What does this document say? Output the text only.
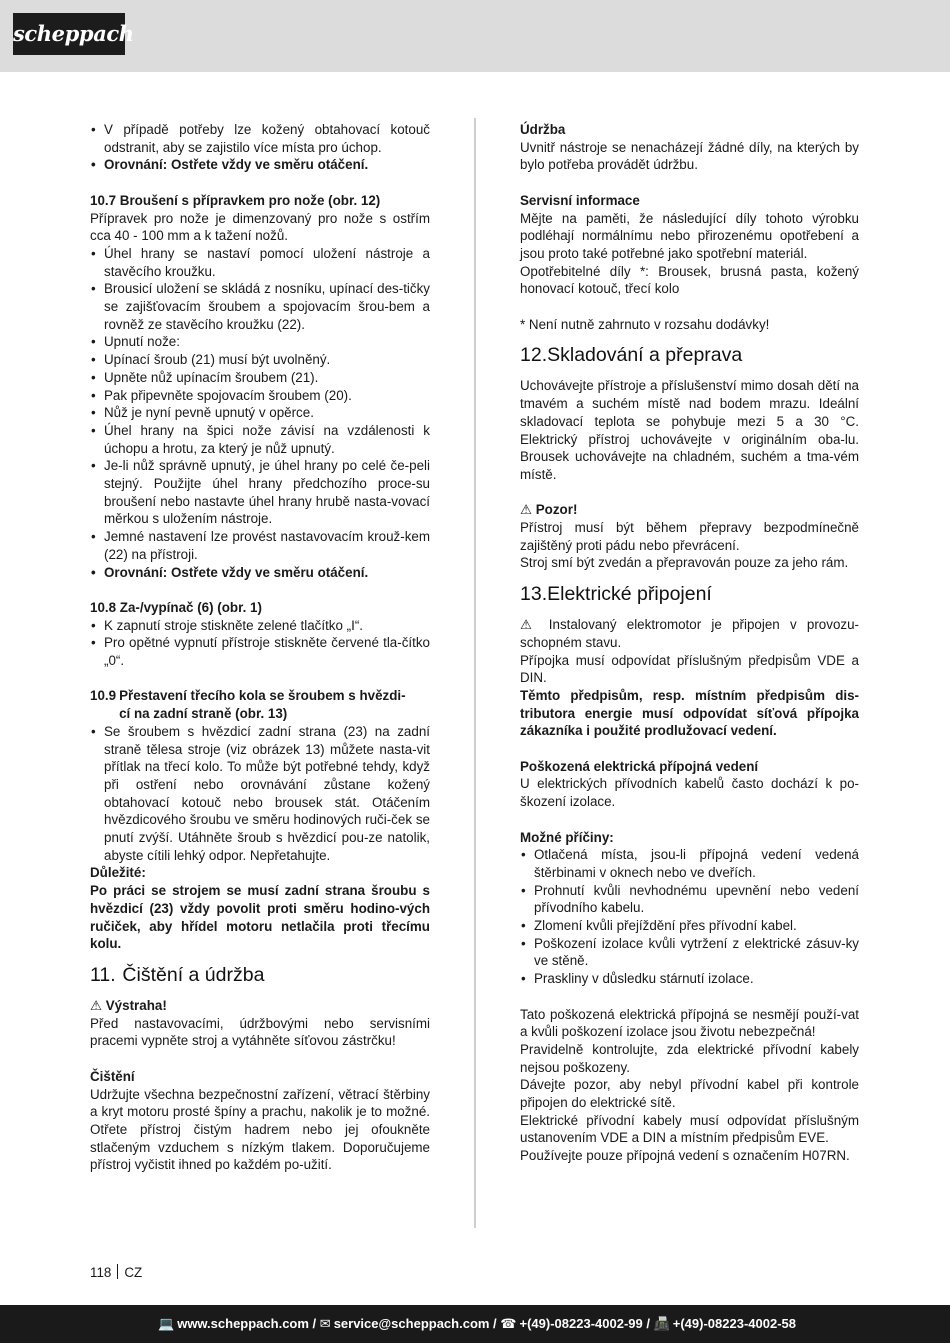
scheppach
• V případě potřeby lze kožený obtahovací kotouč odstranit, aby se zajistilo více místa pro úchop.
• Orovnání: Ostřete vždy ve směru otáčení.

10.7 Broušení s přípravkem pro nože (obr. 12)

Přípravek pro nože je dimenzovaný pro nože s ostřím cca 40 - 100 mm a k tažení nožů.

• Úhel hrany se nastaví pomocí uložení nástroje a stavěcího kroužku.
• Brousicí uložení se skládá z nosníku, upínací des-tičky se zajišťovacím šroubem a spojovacím šrou-bem a rovněž ze stavěcího kroužku (22).
• Upnutí nože:
• Upínací šroub (21) musí být uvolněný.
• Upněte nůž upínacím šroubem (21).
• Pak připevněte spojovacím šroubem (20).
• Nůž je nyní pevně upnutý v opěrce.
• Úhel hrany na špici nože závisí na vzdálenosti k úchopu a hrotu, za který je nůž upnutý.
• Je-li nůž správně upnutý, je úhel hrany po celé če-peli stejný. Použijte úhel hrany předchozího proce-su broušení nebo nastavte úhel hrany hrubě nasta-vovací měrkou s uložením nástroje.
• Jemné nastavení lze provést nastavovacím krouž-kem (22) na přístroji.
• Orovnání: Ostřete vždy ve směru otáčení.

10.8 Za-/vypínač (6) (obr. 1)

• K zapnutí stroje stiskněte zelené tlačítko „I“.
• Pro opětné vypnutí přístroje stiskněte červené tla-čítko „0“.
10.9 Přestavení třecího kola se šroubem s hvězdi-
cí na zadní straně (obr. 13)
• Se šroubem s hvězdicí zadní strana (23) na zadní straně tělesa stroje (viz obrázek 13) můžete nasta-vit přítlak na třecí kolo. To může být potřebné tehdy, když při ostření nebo orovnávání zůstane kožený obtahovací kotouč nebo brousek stát. Otáčením hvězdicového šroubu ve směru hodinových ruči-ček se pnutí zvýší. Utáhněte šroub s hvězdicí pou-ze natolik, abyste cítili lehký odpor. Nepřetahujte.

Důležité:

Po práci se strojem se musí zadní strana šroubu s hvězdicí (23) vždy povolit proti směru hodino-vých ručiček, aby hřídel motoru netlačila proti třecímu kolu.

11. Čištění a údržba

⚠ Výstraha!

Před nastavovacími, údržbovými nebo servisními pracemi vypněte stroj a vytáhněte síťovou zástrčku!

Čištění

Udržujte všechna bezpečnostní zařízení, větrací štěrbiny a kryt motoru prosté špíny a prachu, nakolik je to možné. Otřete přístroj čistým hadrem nebo jej ofoukněte stlačeným vzduchem s nízkým tlakem. Doporučujeme přístroj vyčistit ihned po každém po-užití.

Údržba

Uvnitř nástroje se nenacházejí žádné díly, na kterých by bylo potřeba provádět údržbu.

Servisní informace

Mějte na paměti, že následující díly tohoto výrobku podléhají normálnímu nebo přirozenému opotřebení a jsou proto také potřebné jako spotřební materiál.

Opotřebitelné díly *: Brousek, brusná pasta, kožený honovací kotouč, třecí kolo

* Není nutně zahrnuto v rozsahu dodávky!

12.Skladování a přeprava

Uchovávejte přístroje a příslušenství mimo dosah dětí na tmavém a suchém místě nad bodem mrazu. Ideální skladovací teplota se pohybuje mezi 5 a 30 °C. Elektrický přístroj uchovávejte v originálním oba-lu. Brousek uchovávejte na chladném, suchém a tma-vém místě.

⚠ Pozor!

Přístroj musí být během přepravy bezpodmínečně zajištěný proti pádu nebo převrácení.

Stroj smí být zvedán a přepravován pouze za jeho rám.

13.Elektrické připojení

⚠ Instalovaný elektromotor je připojen v provozu-schopném stavu.

Přípojka musí odpovídat příslušným předpisům VDE a DIN.

Těmto předpisům, resp. místním předpisům dis-tributora energie musí odpovídat síťová přípojka zákazníka i použité prodlužovací vedení.

Poškozená elektrická přípojná vedení

U elektrických přívodních kabelů často dochází k po-škození izolace.

Možné příčiny:

• Otlačená místa, jsou-li přípojná vedení vedená štěrbinami v oknech nebo ve dveřích.
• Prohnutí kvůli nevhodnému upevnění nebo vedení přívodního kabelu.
• Zlomení kvůli přejíždění přes přívodní kabel.
• Poškození izolace kvůli vytržení z elektrické zásuv-ky ve stěně.
• Praskliny v důsledku stárnutí izolace.

Tato poškozená elektrická přípojná se nesmějí použí-vat a kvůli poškození izolace jsou životu nebezpečná!

Pravidelně kontrolujte, zda elektrické přívodní kabely nejsou poškozeny.

Dávejte pozor, aby nebyl přívodní kabel při kontrole připojen do elektrické sítě.

Elektrické přívodní kabely musí odpovídat příslušným ustanovením VDE a DIN a místním předpisům EVE.

Používejte pouze přípojná vedení s označením H07RN.

118 CZ
💻 www.scheppach.com / ✉ service@scheppach.com / ☎ +(49)-08223-4002-99 / 📠 +(49)-08223-4002-58
